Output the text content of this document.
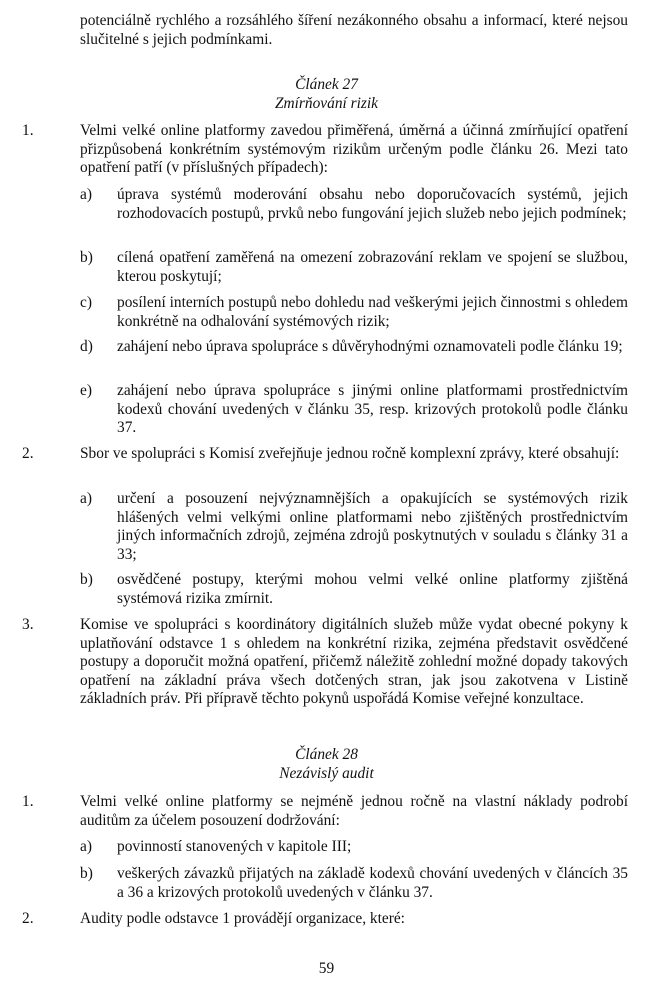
potenciálně rychlého a rozsáhlého šíření nezákonného obsahu a informací, které nejsou slučitelné s jejich podmínkami.
Článek 27
Zmírňování rizik
1.	Velmi velké online platformy zavedou přiměřená, úměrná a účinná zmírňující opatření přizpůsobená konkrétním systémovým rizikům určeným podle článku 26. Mezi tato opatření patří (v příslušných případech):
a) úprava systémů moderování obsahu nebo doporučovacích systémů, jejich rozhodovacích postupů, prvků nebo fungování jejich služeb nebo jejich podmínek;
b) cílená opatření zaměřená na omezení zobrazování reklam ve spojení se službou, kterou poskytují;
c) posílení interních postupů nebo dohledu nad veškerými jejich činnostmi s ohledem konkrétně na odhalování systémových rizik;
d) zahájení nebo úprava spolupráce s důvěryhodnými oznamovateli podle článku 19;
e) zahájení nebo úprava spolupráce s jinými online platformami prostřednictvím kodexů chování uvedených v článku 35, resp. krizových protokolů podle článku 37.
2.	Sbor ve spolupráci s Komisí zveřejňuje jednou ročně komplexní zprávy, které obsahují:
a) určení a posouzení nejvýznamnějších a opakujících se systémových rizik hlášených velmi velkými online platformami nebo zjištěných prostřednictvím jiných informačních zdrojů, zejména zdrojů poskytnutých v souladu s články 31 a 33;
b) osvědčené postupy, kterými mohou velmi velké online platformy zjištěná systémová rizika zmírnit.
3.	Komise ve spolupráci s koordinátory digitálních služeb může vydat obecné pokyny k uplatňování odstavce 1 s ohledem na konkrétní rizika, zejména představit osvědčené postupy a doporučit možná opatření, přičemž náležitě zohlední možné dopady takových opatření na základní práva všech dotčených stran, jak jsou zakotvena v Listině základních práv. Při přípravě těchto pokynů uspořádá Komise veřejné konzultace.
Článek 28
Nezávislý audit
1.	Velmi velké online platformy se nejméně jednou ročně na vlastní náklady podrobí auditům za účelem posouzení dodržování:
a) povinností stanovených v kapitole III;
b) veškerých závazků přijatých na základě kodexů chování uvedených v článcích 35 a 36 a krizových protokolů uvedených v článku 37.
2.	Audity podle odstavce 1 provádějí organizace, které:
59
